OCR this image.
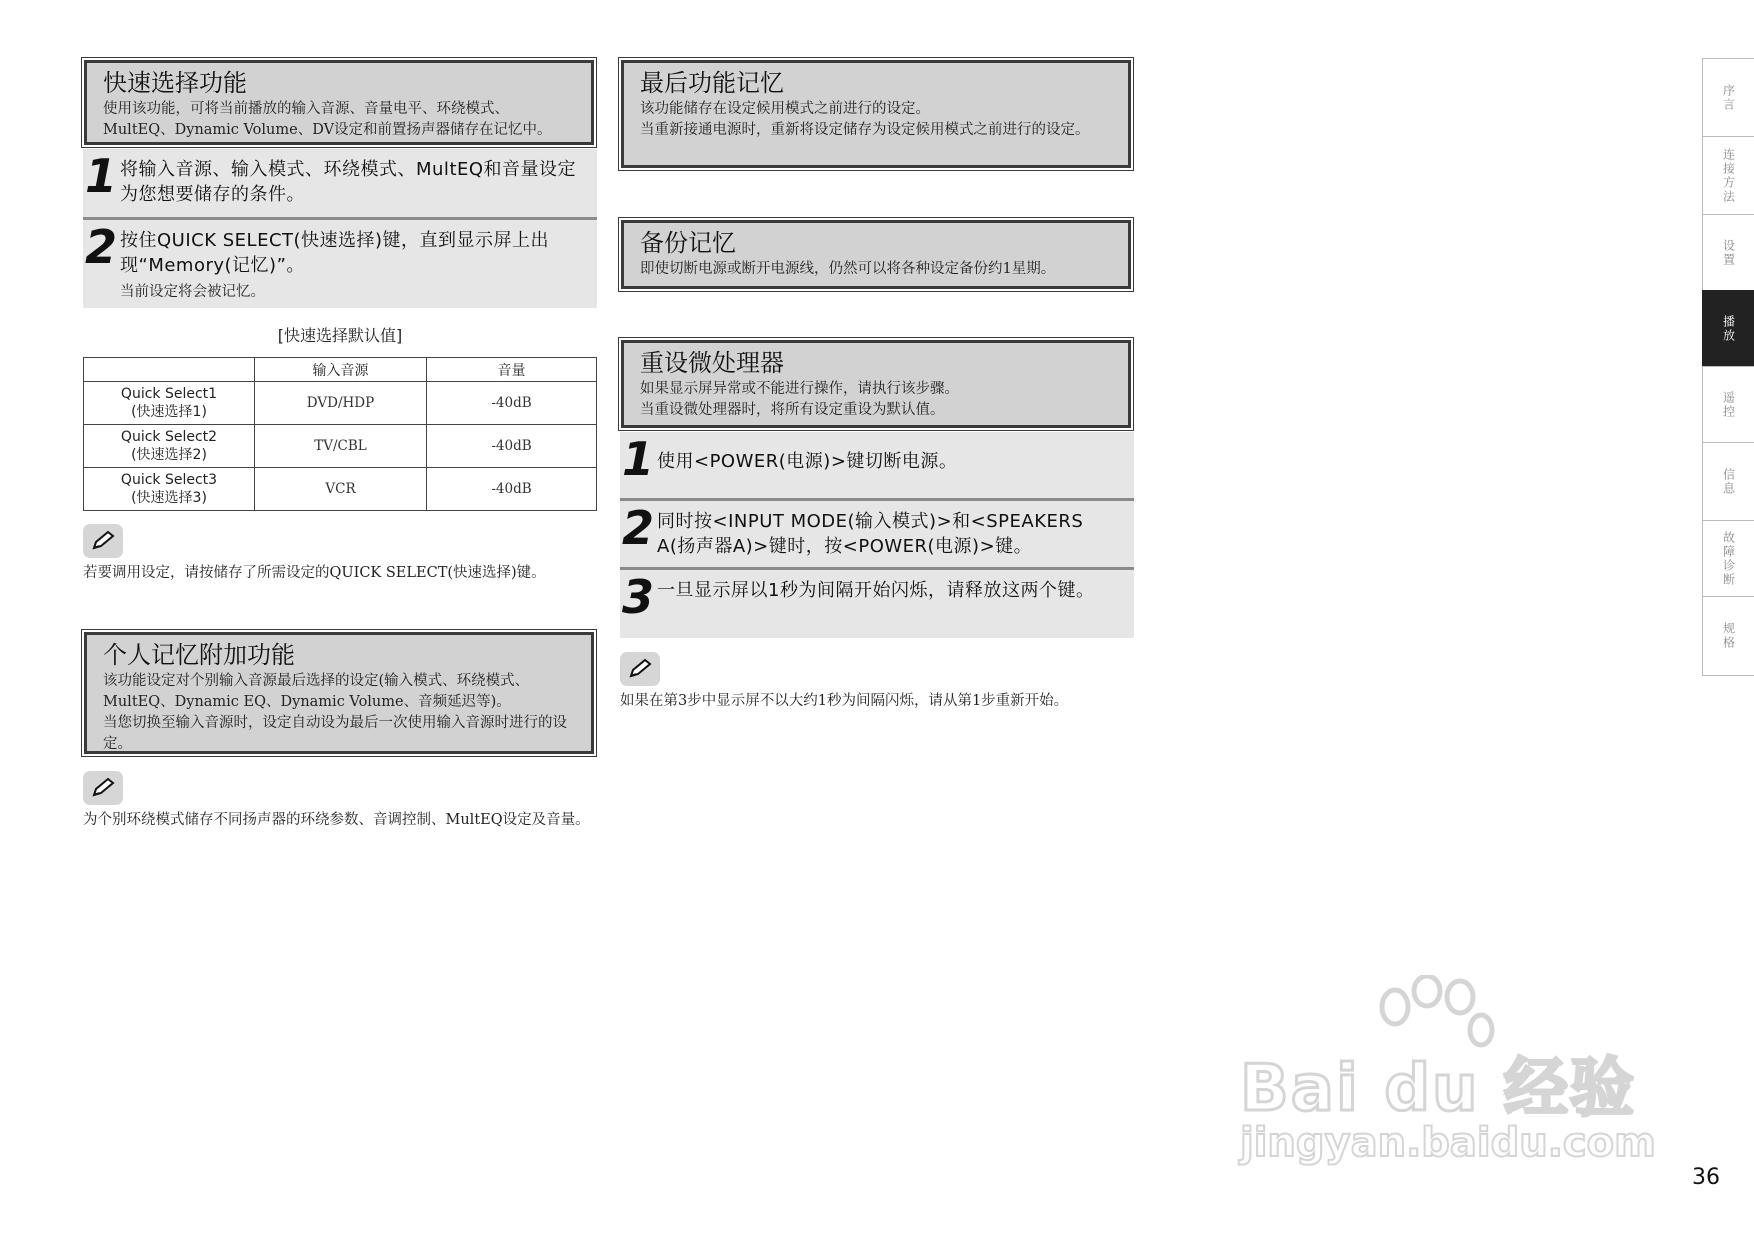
快速选择功能
使用该功能，可将当前播放的输入音源、音量电平、环绕模式、MultEQ、Dynamic Volume、DV设定和前置扬声器储存在记忆中。
1 将输入音源、输入模式、环绕模式、MultEQ和音量设定为您想要储存的条件。
2 按住QUICK SELECT(快速选择)键，直到显示屏上出现“Memory(记忆)”。
当前设定将会被记忆。
[快速选择默认值]
	输入音源	音量
Quick Select1
(快速选择1)	DVD/HDP	-40dB
Quick Select2
(快速选择2)	TV/CBL	-40dB
Quick Select3
(快速选择3)	VCR	-40dB
若要调用设定，请按储存了所需设定的QUICK SELECT(快速选择)键。
个人记忆附加功能
该功能设定对个别输入音源最后选择的设定(输入模式、环绕模式、MultEQ、Dynamic EQ、Dynamic Volume、音频延迟等)。
当您切换至输入音源时，设定自动设为最后一次使用输入音源时进行的设定。
为个别环绕模式储存不同扬声器的环绕参数、音调控制、MultEQ设定及音量。
最后功能记忆
该功能储存在设定候用模式之前进行的设定。
当重新接通电源时，重新将设定储存为设定候用模式之前进行的设定。
备份记忆
即使切断电源或断开电源线，仍然可以将各种设定备份约1星期。
重设微处理器
如果显示屏异常或不能进行操作，请执行该步骤。
当重设微处理器时，将所有设定重设为默认值。
1 使用<POWER(电源)>键切断电源。
2 同时按<INPUT MODE(输入模式)>和<SPEAKERS A(扬声器A)>键时，按<POWER(电源)>键。
3 一旦显示屏以1秒为间隔开始闪烁，请释放这两个键。
如果在第3步中显示屏不以大约1秒为间隔闪烁，请从第1步重新开始。
序言
连接方法
设置
播放
遥控
信息
故障诊断
规格
Bai du 经验
jingyan.baidu.com
36
